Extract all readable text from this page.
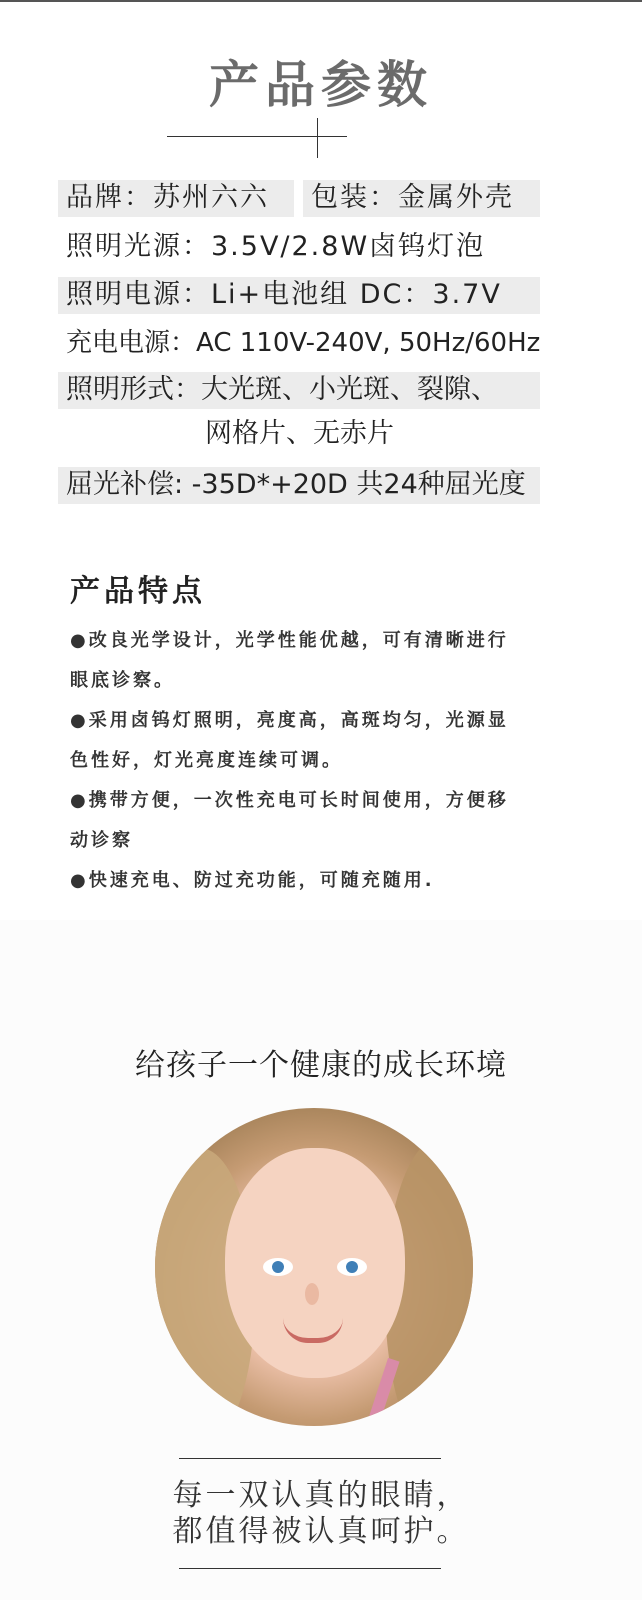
产品参数
品牌：苏州六六 包装：金属外壳
照明光源：3.5V/2.8W卤钨灯泡
照明电源：Li+电池组 DC：3.7V
充电电源：AC 110V-240V, 50Hz/60Hz
照明形式：大光斑、小光斑、裂隙、
网格片、无赤片
屈光补偿: -35D*+20D 共24种屈光度
产品特点
●改良光学设计，光学性能优越，可有清晰进行
眼底诊察。
●采用卤钨灯照明，亮度高，高斑均匀，光源显
色性好，灯光亮度连续可调。
●携带方便，一次性充电可长时间使用，方便移
动诊察
●快速充电、防过充功能，可随充随用.
给孩子一个健康的成长环境
每一双认真的眼睛，
都值得被认真呵护。
